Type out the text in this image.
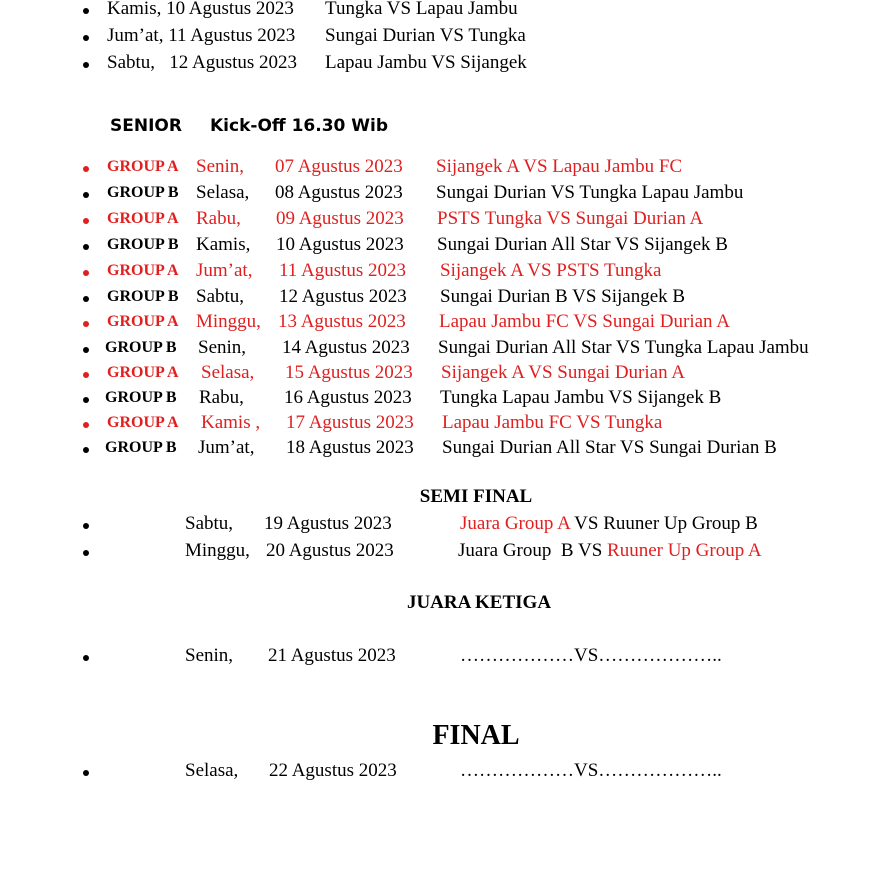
Kamis, 10 Agustus 2023 Tungka VS Lapau Jambu
Jum’at, 11 Agustus 2023 Sungai Durian VS Tungka
Sabtu,   12 Agustus 2023 Lapau Jambu VS Sijangek
SENIOR Kick-Off 16.30 Wib
GROUP A Senin, 07 Agustus 2023 Sijangek A VS Lapau Jambu FC
GROUP B Selasa, 08 Agustus 2023 Sungai Durian VS Tungka Lapau Jambu
GROUP A Rabu, 09 Agustus 2023 PSTS Tungka VS Sungai Durian A
GROUP B Kamis, 10 Agustus 2023 Sungai Durian All Star VS Sijangek B
GROUP A Jum’at, 11 Agustus 2023 Sijangek A VS PSTS Tungka
GROUP B Sabtu, 12 Agustus 2023 Sungai Durian B VS Sijangek B
GROUP A Minggu, 13 Agustus 2023 Lapau Jambu FC VS Sungai Durian A
GROUP B Senin, 14 Agustus 2023 Sungai Durian All Star VS Tungka Lapau Jambu
GROUP A Selasa, 15 Agustus 2023 Sijangek A VS Sungai Durian A
GROUP B Rabu, 16 Agustus 2023 Tungka Lapau Jambu VS Sijangek B
GROUP A Kamis , 17 Agustus 2023 Lapau Jambu FC VS Tungka
GROUP B Jum’at, 18 Agustus 2023 Sungai Durian All Star VS Sungai Durian B
SEMI FINAL
Sabtu, 19 Agustus 2023	Juara Group A VS Ruuner Up Group B
Minggu, 20 Agustus 2023	Juara Group  B VS Ruuner Up Group A
JUARA KETIGA
Senin, 21 Agustus 2023	………………VS………………..
FINAL
Selasa, 22 Agustus 2023	………………VS………………..
